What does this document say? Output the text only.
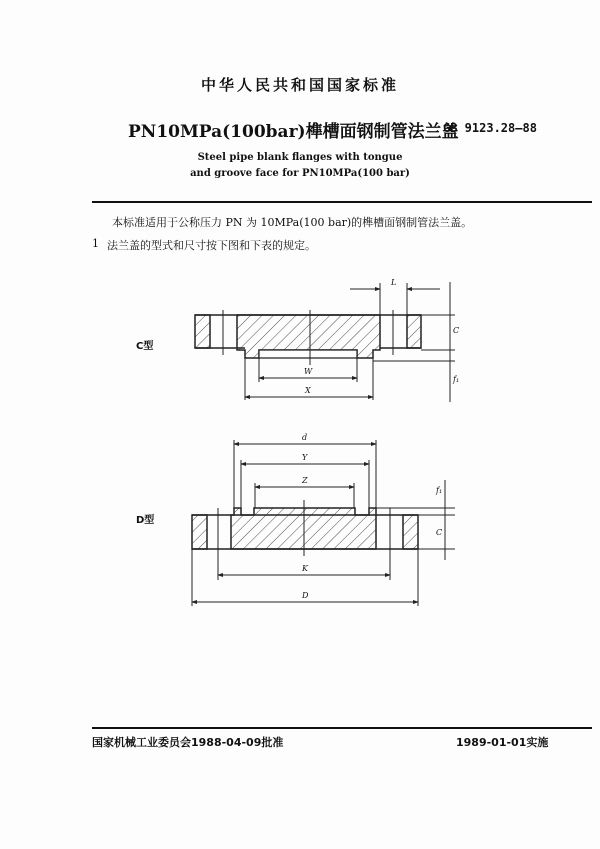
中华人民共和国国家标准
PN10MPa(100bar)榫槽面钢制管法兰盖
GB 9123.28—88
Steel pipe blank flanges with tongue
and groove face for PN10MPa(100 bar)
本标准适用于公称压力 PN 为 10MPa(100 bar)的榫槽面钢制管法兰盖。
1 法兰盖的型式和尺寸按下图和下表的规定。
C型
L
C
f₁
W
X
D型
d
Y
Z
f₁
C
K
D
国家机械工业委员会1988-04-09批准	1989-01-01实施
